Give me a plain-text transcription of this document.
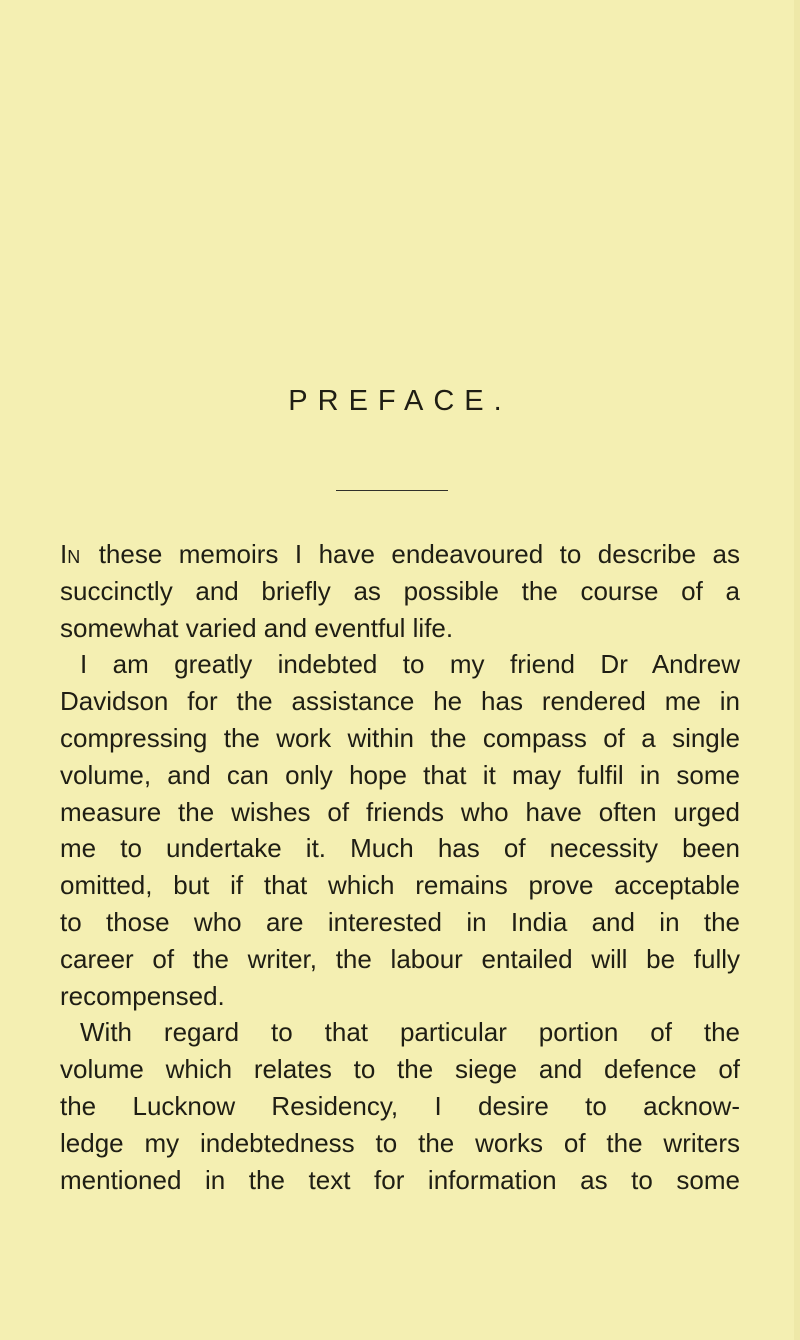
PREFACE.
IN these memoirs I have endeavoured to describe as
succinctly and briefly as possible the course of a
somewhat varied and eventful life.
I am greatly indebted to my friend Dr Andrew
Davidson for the assistance he has rendered me in
compressing the work within the compass of a single
volume, and can only hope that it may fulfil in some
measure the wishes of friends who have often urged
me to undertake it. Much has of necessity been
omitted, but if that which remains prove acceptable
to those who are interested in India and in the
career of the writer, the labour entailed will be fully
recompensed.
With regard to that particular portion of the
volume which relates to the siege and defence of
the Lucknow Residency, I desire to acknow-
ledge my indebtedness to the works of the writers
mentioned in the text for information as to some
